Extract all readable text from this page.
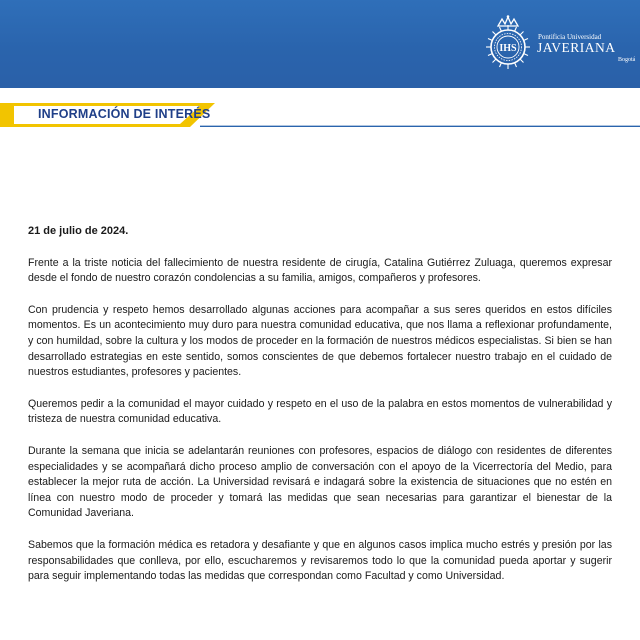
IHS
Pontificia Universidad
JAVERIANA
Bogotá
INFORMACIÓN DE INTERÉS
21 de julio de 2024.

Frente a la triste noticia del fallecimiento de nuestra residente de cirugía, Catalina Gutiérrez Zuluaga, queremos expresar desde el fondo de nuestro corazón condolencias a su familia, amigos, compañeros y profesores.

Con prudencia y respeto hemos desarrollado algunas acciones para acompañar a sus seres queridos en estos difíciles momentos. Es un acontecimiento muy duro para nuestra comunidad educativa, que nos llama a reflexionar profundamente, y con humildad, sobre la cultura y los modos de proceder en la formación de nuestros médicos especialistas. Si bien se han desarrollado estrategias en este sentido, somos conscientes de que debemos fortalecer nuestro trabajo en el cuidado de nuestros estudiantes, profesores y pacientes.

Queremos pedir a la comunidad el mayor cuidado y respeto en el uso de la palabra en estos momentos de vulnerabilidad y tristeza de nuestra comunidad educativa.

Durante la semana que inicia se adelantarán reuniones con profesores, espacios de diálogo con residentes de diferentes especialidades y se acompañará dicho proceso amplio de conversación con el apoyo de la Vicerrectoría del Medio, para establecer la mejor ruta de acción. La Universidad revisará e indagará sobre la existencia de situaciones que no estén en línea con nuestro modo de proceder y tomará las medidas que sean necesarias para garantizar el bienestar de la Comunidad Javeriana.

Sabemos que la formación médica es retadora y desafiante y que en algunos casos implica mucho estrés y presión por las responsabilidades que conlleva, por ello, escucharemos y revisaremos todo lo que la comunidad pueda aportar y sugerir para seguir implementando todas las medidas que correspondan como Facultad y como Universidad.
